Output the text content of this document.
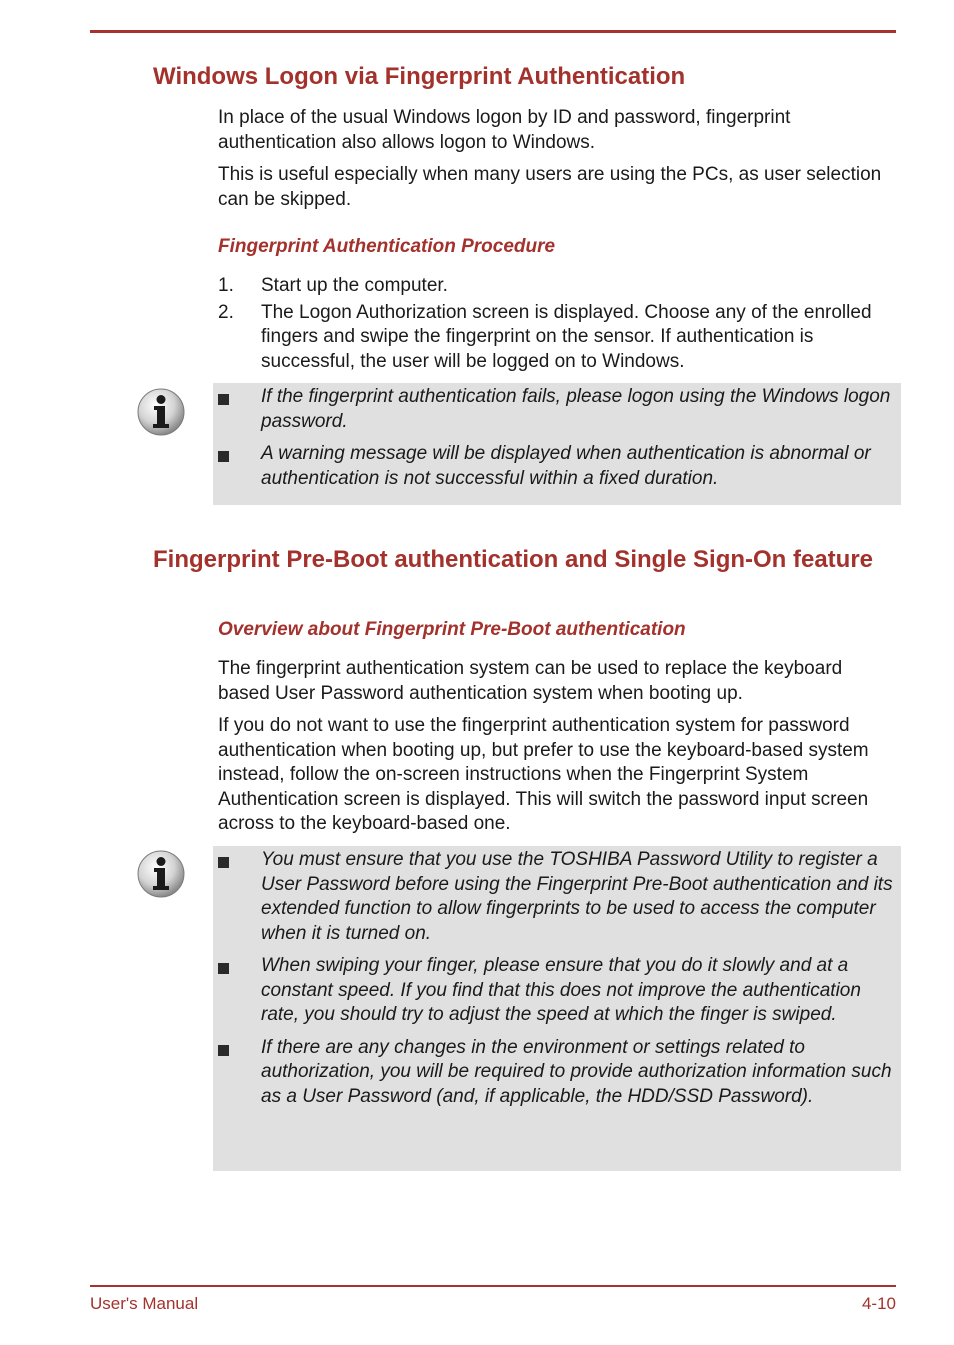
Windows Logon via Fingerprint Authentication

In place of the usual Windows logon by ID and password, fingerprint authentication also allows logon to Windows.

This is useful especially when many users are using the PCs, as user selection can be skipped.

Fingerprint Authentication Procedure
1. Start up the computer.
2. The Logon Authorization screen is displayed. Choose any of the enrolled fingers and swipe the fingerprint on the sensor. If authentication is successful, the user will be logged on to Windows.
If the fingerprint authentication fails, please logon using the Windows logon password.
A warning message will be displayed when authentication is abnormal or authentication is not successful within a fixed duration.
Fingerprint Pre-Boot authentication and Single Sign-On feature
Overview about Fingerprint Pre-Boot authentication

The fingerprint authentication system can be used to replace the keyboard based User Password authentication system when booting up.

If you do not want to use the fingerprint authentication system for password authentication when booting up, but prefer to use the keyboard-based system instead, follow the on-screen instructions when the Fingerprint System Authentication screen is displayed. This will switch the password input screen across to the keyboard-based one.

You must ensure that you use the TOSHIBA Password Utility to register a User Password before using the Fingerprint Pre-Boot authentication and its extended function to allow fingerprints to be used to access the computer when it is turned on.
When swiping your finger, please ensure that you do it slowly and at a constant speed. If you find that this does not improve the authentication rate, you should try to adjust the speed at which the finger is swiped.
If there are any changes in the environment or settings related to authorization, you will be required to provide authorization information such as a User Password (and, if applicable, the HDD/SSD Password).
User's Manual	4-10
